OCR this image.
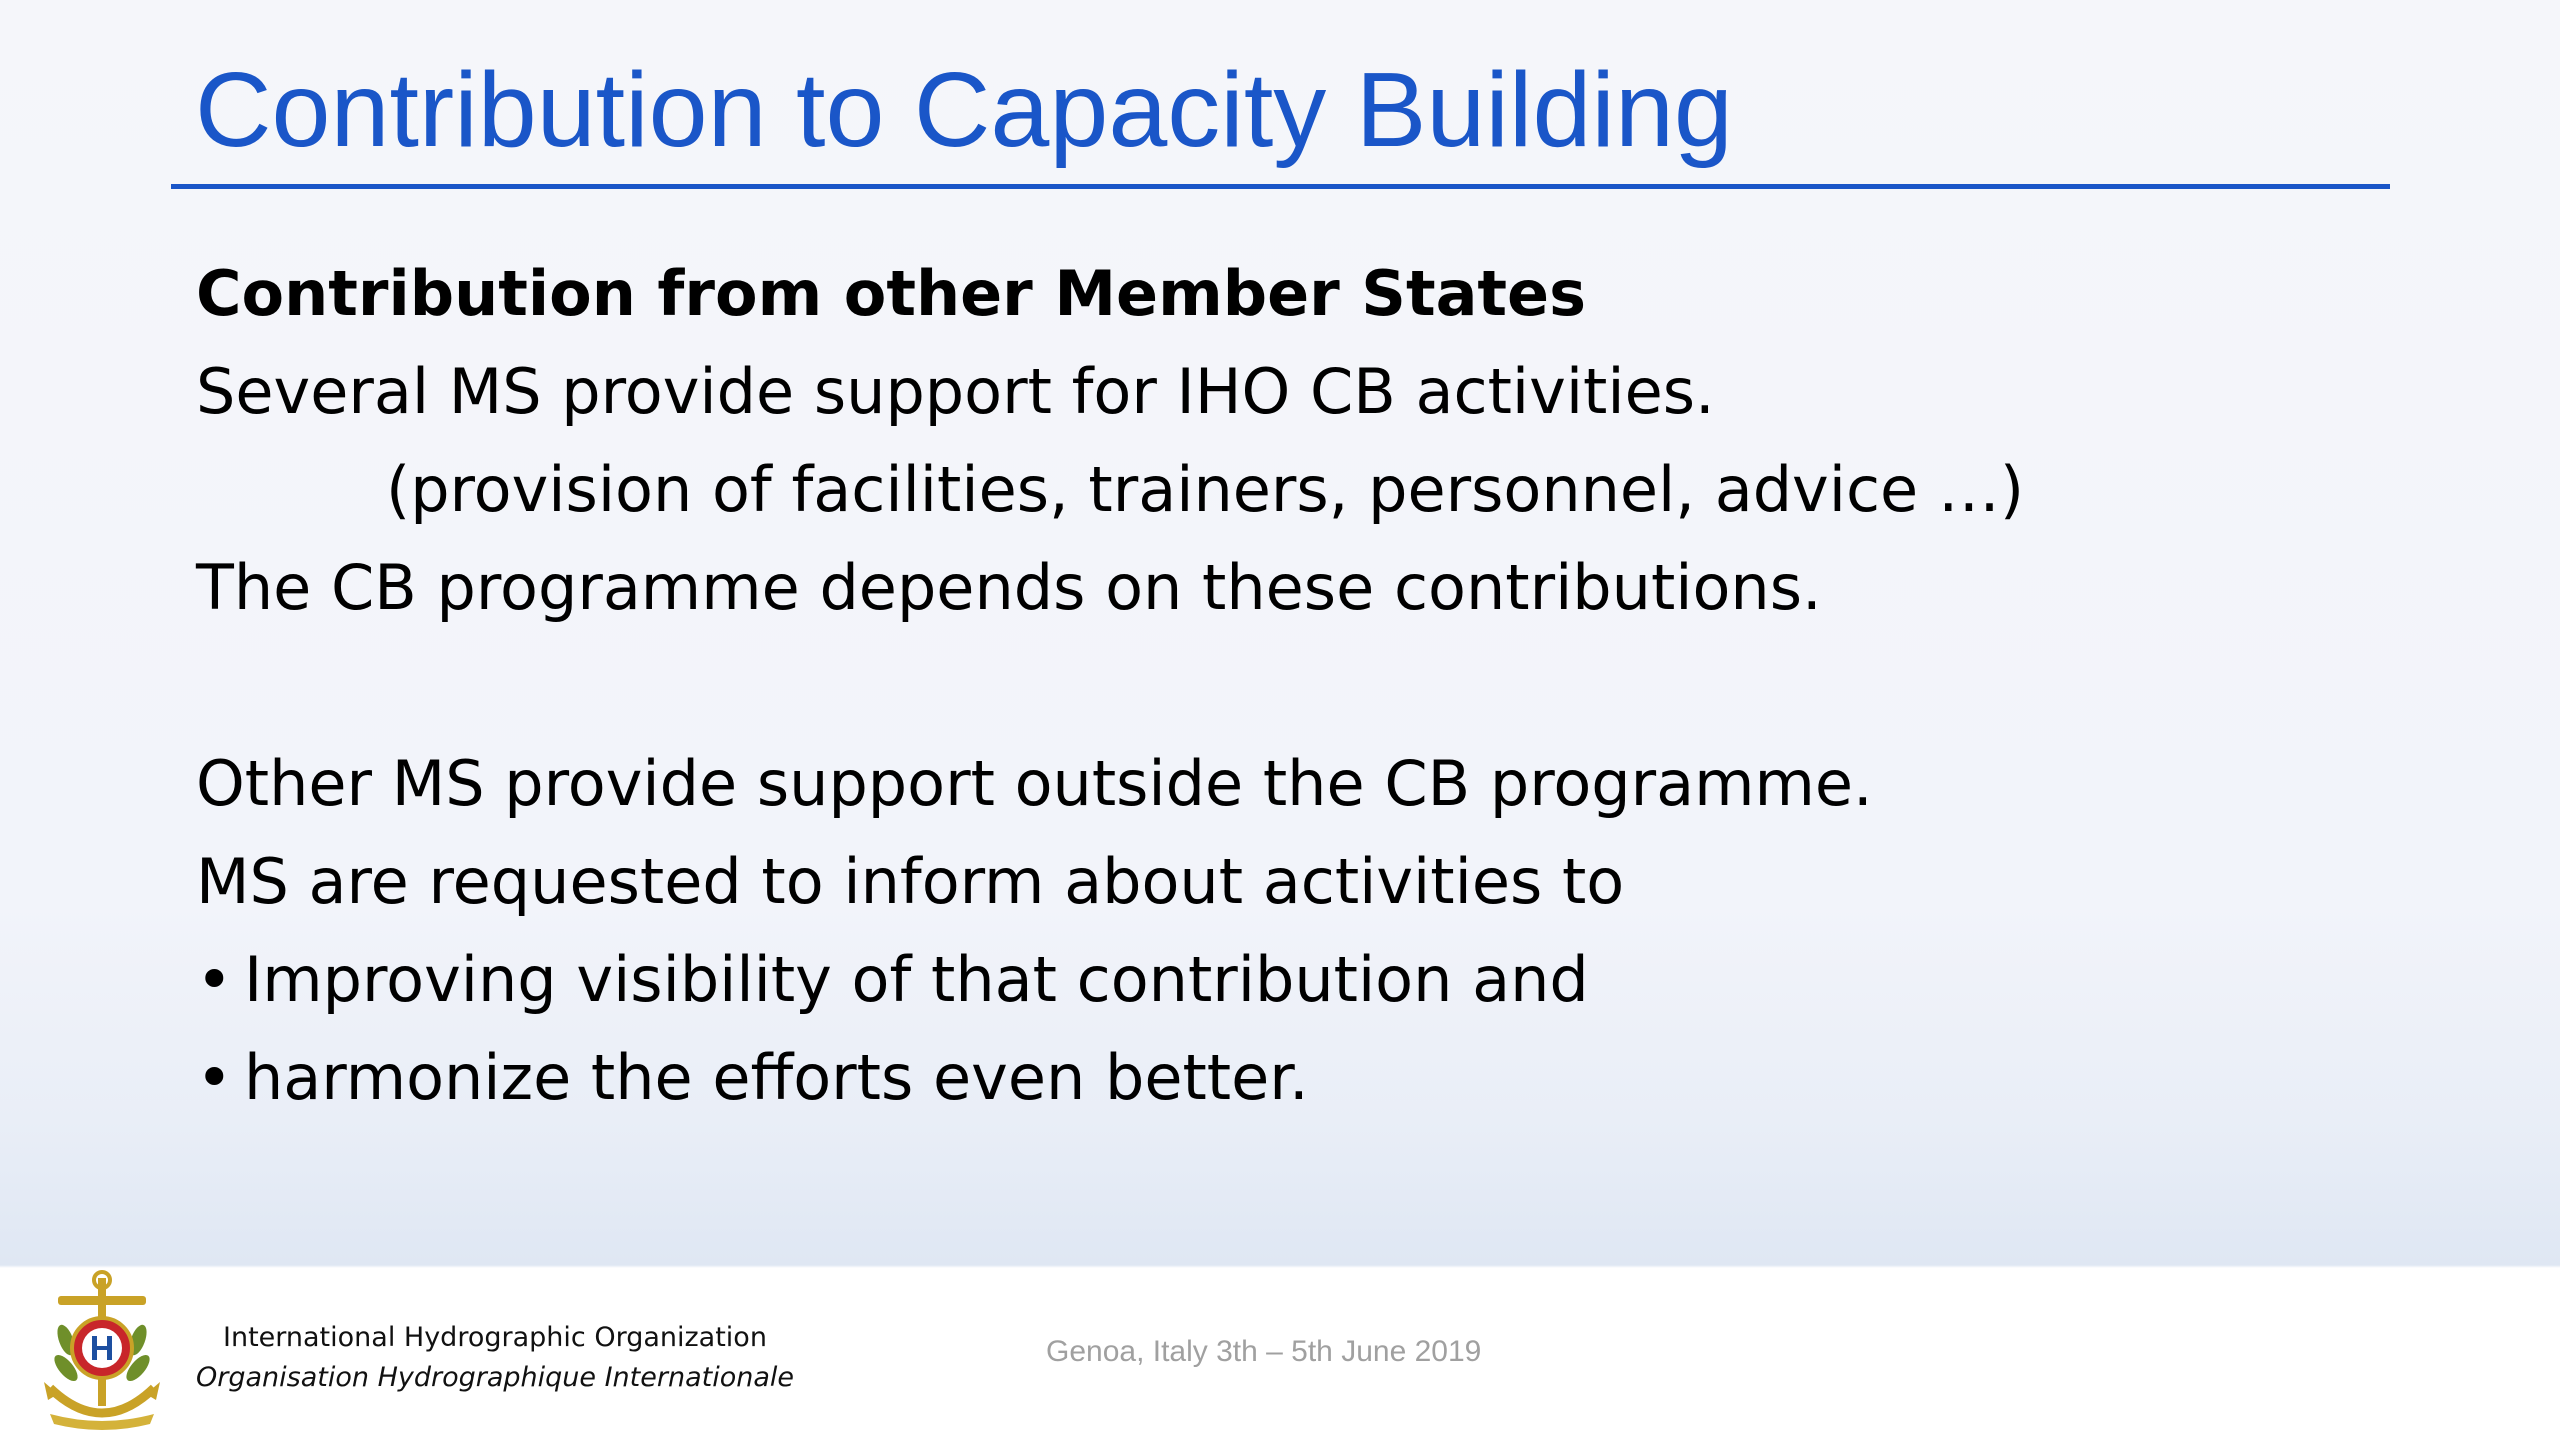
Contribution to Capacity Building
Contribution from other Member States
Several MS provide support for IHO CB activities.
(provision of facilities, trainers, personnel, advice …)
The CB programme depends on these contributions.
Other MS provide support outside the CB programme.
MS are requested to inform about activities to
• Improving visibility of that contribution and
• harmonize the efforts even better.
International Hydrographic Organization
Organisation Hydrographique Internationale
Genoa, Italy 3th – 5th June 2019
